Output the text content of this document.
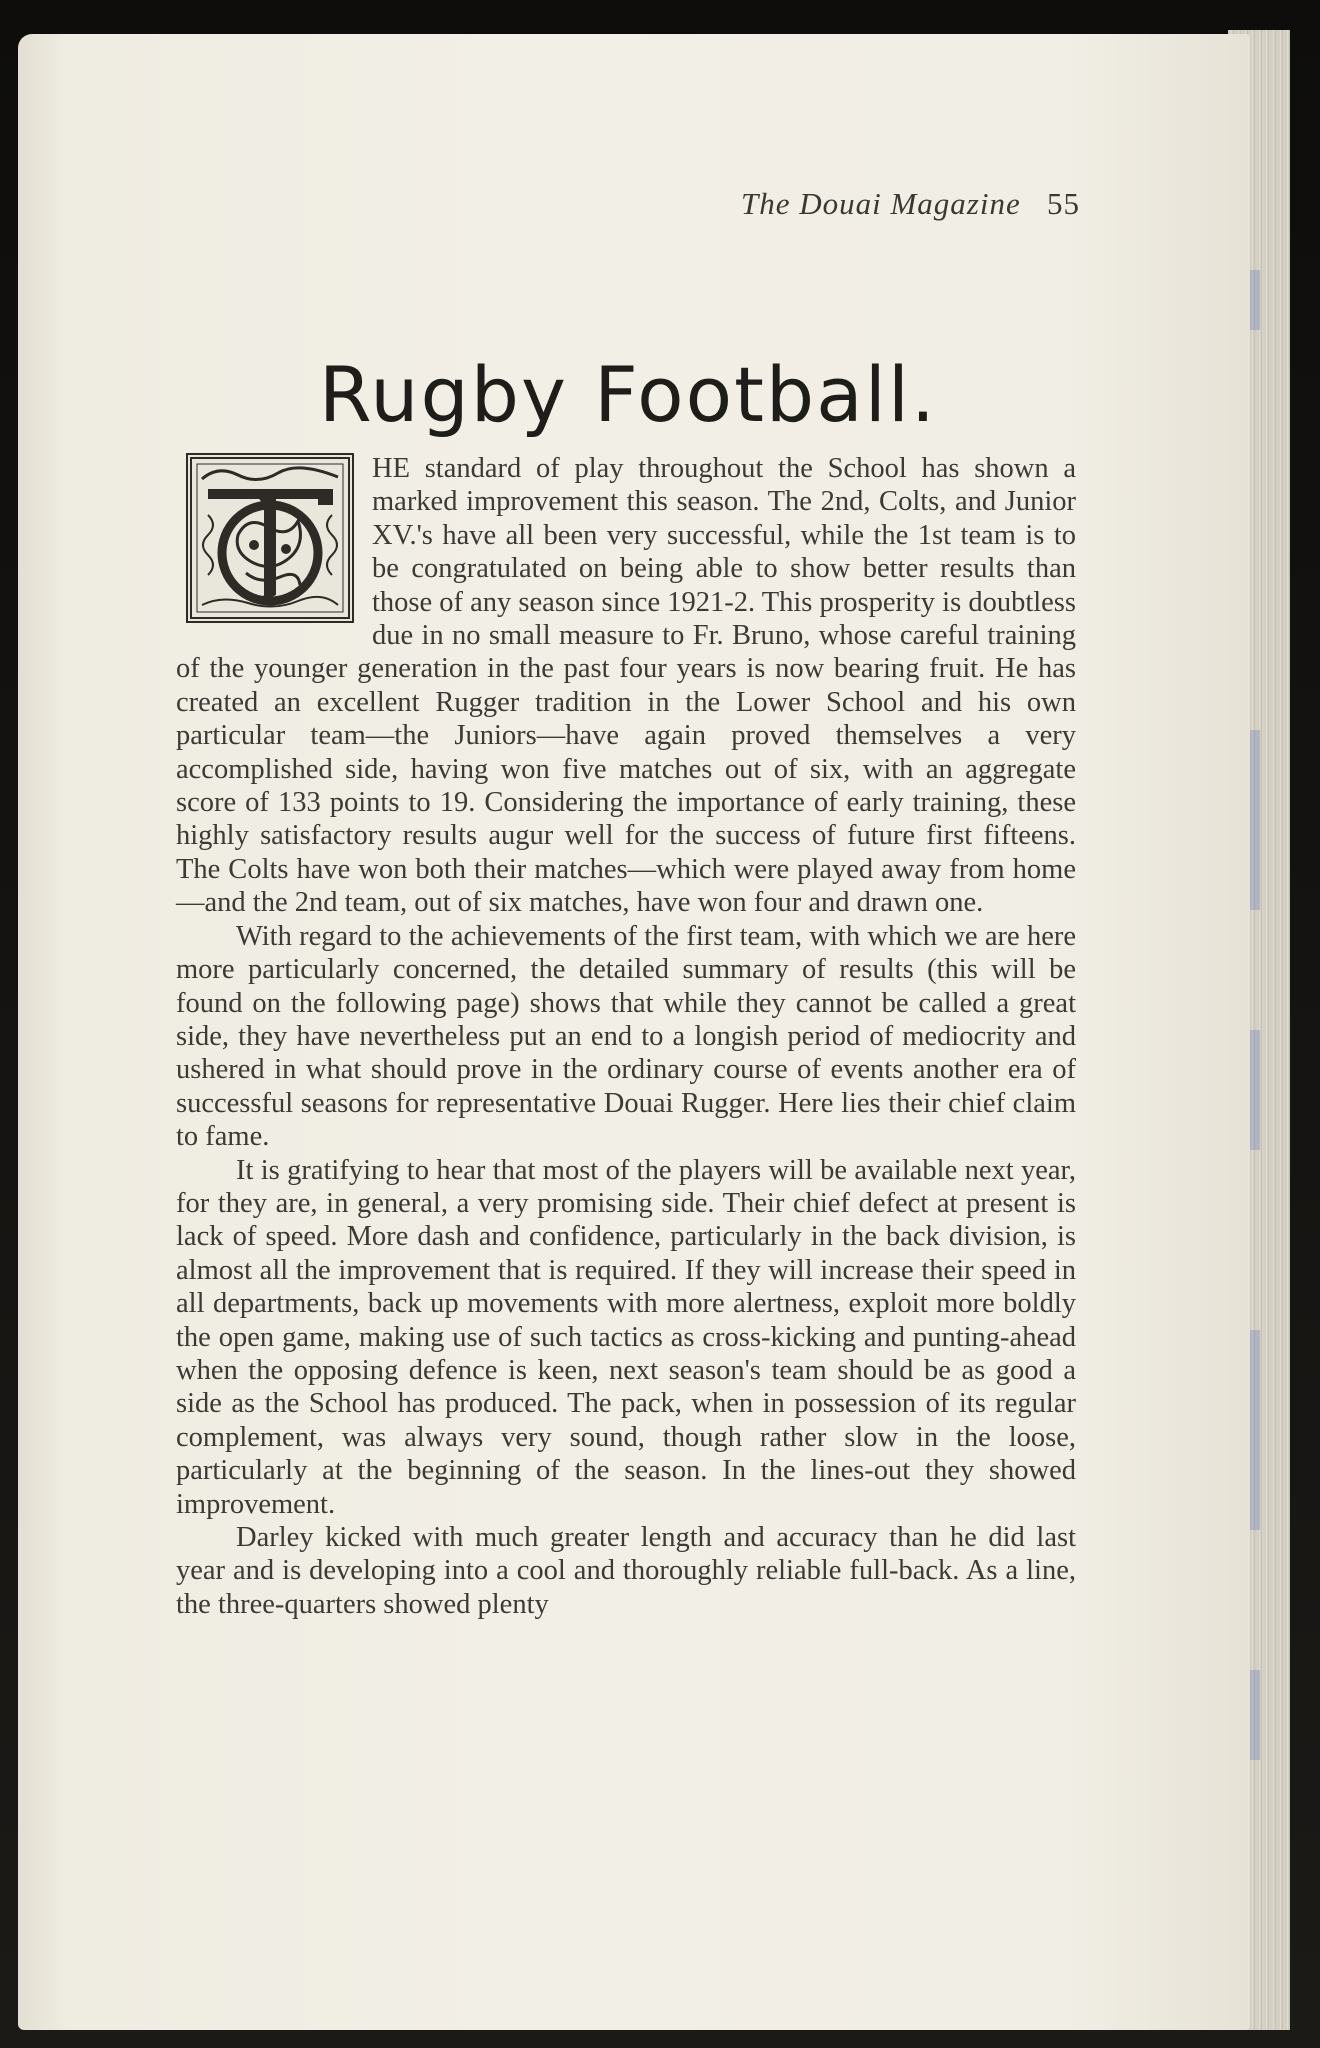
The Douai Magazine 55
Rugby Football.

HE standard of play throughout the School has shown a marked improvement this season. The 2nd, Colts, and Junior XV.'s have all been very successful, while the 1st team is to be congratulated on being able to show better results than those of any season since 1921-2. This prosperity is doubtless due in no small measure to Fr. Bruno, whose careful training of the younger generation in the past four years is now bearing fruit. He has created an excellent Rugger tradition in the Lower School and his own particular team—the Juniors—have again proved themselves a very accomplished side, having won five matches out of six, with an aggregate score of 133 points to 19. Considering the importance of early training, these highly satisfactory results augur well for the success of future first fifteens. The Colts have won both their matches—which were played away from home—and the 2nd team, out of six matches, have won four and drawn one.

With regard to the achievements of the first team, with which we are here more particularly concerned, the detailed summary of results (this will be found on the following page) shows that while they cannot be called a great side, they have nevertheless put an end to a longish period of mediocrity and ushered in what should prove in the ordinary course of events another era of successful seasons for representative Douai Rugger. Here lies their chief claim to fame.

It is gratifying to hear that most of the players will be available next year, for they are, in general, a very promising side. Their chief defect at present is lack of speed. More dash and confidence, particularly in the back division, is almost all the improvement that is required. If they will increase their speed in all departments, back up movements with more alertness, exploit more boldly the open game, making use of such tactics as cross-kicking and punting-ahead when the opposing defence is keen, next season's team should be as good a side as the School has produced. The pack, when in possession of its regular complement, was always very sound, though rather slow in the loose, particularly at the beginning of the season. In the lines-out they showed improvement.

Darley kicked with much greater length and accuracy than he did last year and is developing into a cool and thoroughly reliable full-back. As a line, the three-quarters showed plenty
